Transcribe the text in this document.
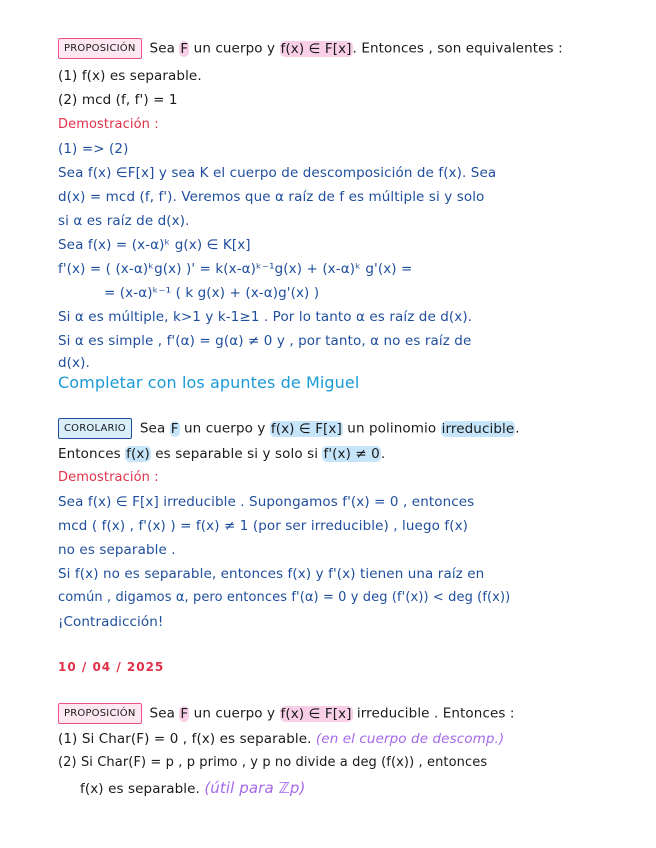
PROPOSICIÓN Sea F un cuerpo y f(x) ∈ F[x]. Entonces , son equivalentes :
(1) f(x) es separable.
(2) mcd (f, f') = 1
Demostración :
(1) => (2)
Sea f(x) ∈F[x] y sea K el cuerpo de descomposición de f(x). Sea
d(x) = mcd (f, f'). Veremos que α raíz de f es múltiple si y solo
si α es raíz de d(x).
Sea f(x) = (x-α)ᵏ g(x) ∈ K[x]
f'(x) = ( (x-α)ᵏg(x) )' = k(x-α)ᵏ⁻¹g(x) + (x-α)ᵏ g'(x) =
= (x-α)ᵏ⁻¹ ( k g(x) + (x-α)g'(x) )
Si α es múltiple, k>1 y k-1≥1 . Por lo tanto α es raíz de d(x).
Si α es simple , f'(α) = g(α) ≠ 0 y , por tanto, α no es raíz de
d(x).
Completar con los apuntes de Miguel
COROLARIO Sea F un cuerpo y f(x) ∈ F[x] un polinomio irreducible.
Entonces f(x) es separable si y solo si f'(x) ≠ 0.
Demostración :
Sea f(x) ∈ F[x] irreducible . Supongamos f'(x) = 0 , entonces
mcd ( f(x) , f'(x) ) = f(x) ≠ 1 (por ser irreducible) , luego f(x)
no es separable .
Si f(x) no es separable, entonces f(x) y f'(x) tienen una raíz en
común , digamos α, pero entonces f'(α) = 0 y deg (f'(x)) < deg (f(x))
¡Contradicción!
10 / 04 / 2025
PROPOSICIÓN Sea F un cuerpo y f(x) ∈ F[x] irreducible . Entonces :
(1) Si Char(F) = 0 , f(x) es separable. (en el cuerpo de descomp.)
(2) Si Char(F) = p , p primo , y p no divide a deg (f(x)) , entonces
f(x) es separable. (útil para ℤp)
